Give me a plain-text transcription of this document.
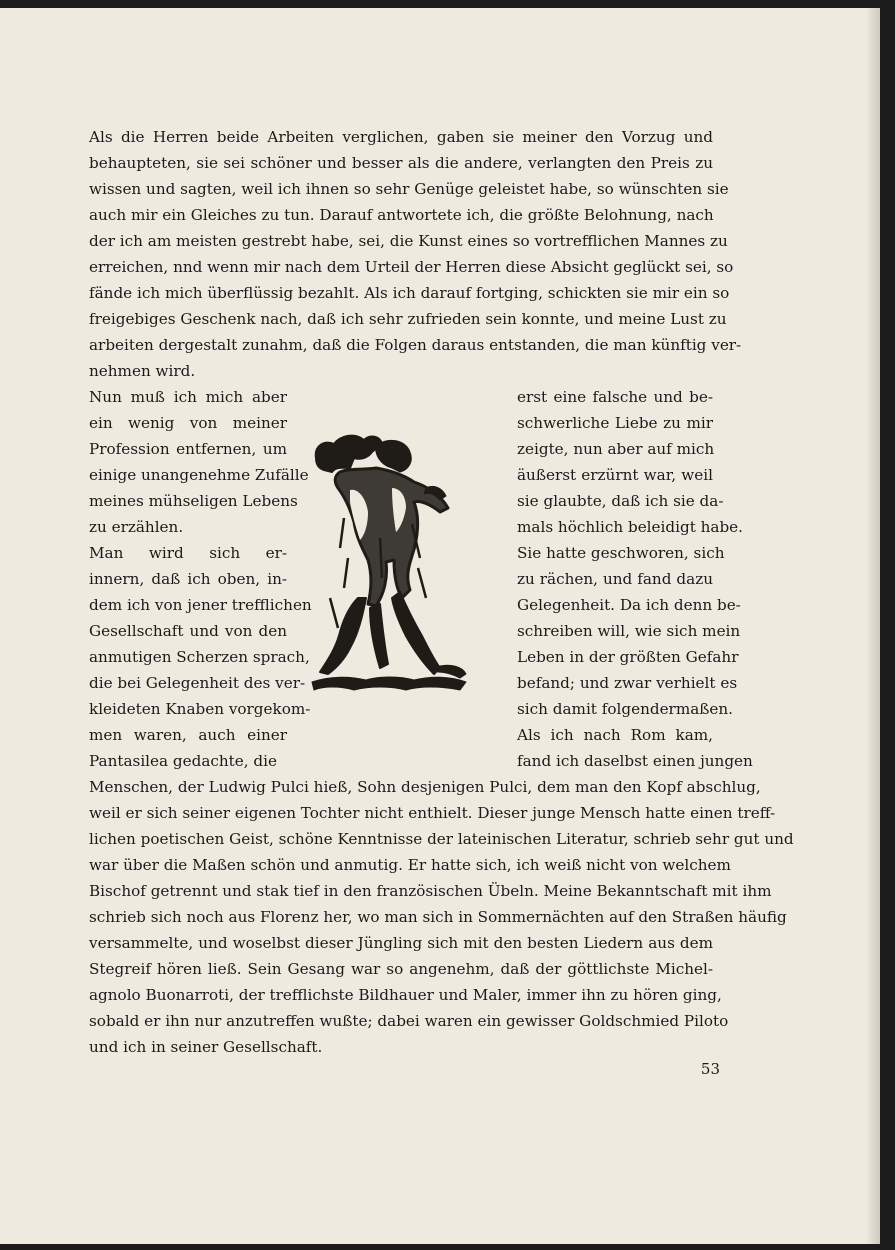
Als die Herren beide Arbeiten verglichen, gaben sie meiner den Vorzug und

behaupteten, sie sei schöner und besser als die andere, verlangten den Preis zu

wissen und sagten, weil ich ihnen so sehr Genüge geleistet habe, so wünschten sie

auch mir ein Gleiches zu tun. Darauf antwortete ich, die größte Belohnung, nach

der ich am meisten gestrebt habe, sei, die Kunst eines so vortrefflichen Mannes zu

erreichen, nnd wenn mir nach dem Urteil der Herren diese Absicht geglückt sei, so

fände ich mich überflüssig bezahlt. Als ich darauf fortging, schickten sie mir ein so

freigebiges Geschenk nach, daß ich sehr zufrieden sein konnte, und meine Lust zu

arbeiten dergestalt zunahm, daß die Folgen daraus entstanden, die man künftig ver-

nehmen wird.

Nun muß ich mich aber

ein wenig von meiner

Profession entfernen, um

einige unangenehme Zufälle

meines mühseligen Lebens

zu erzählen.

Man wird sich er-

innern, daß ich oben, in-

dem ich von jener trefflichen

Gesellschaft und von den

anmutigen Scherzen sprach,

die bei Gelegenheit des ver-

kleideten Knaben vorgekom-

men waren, auch einer

Pantasilea gedachte, die

erst eine falsche und be-

schwerliche Liebe zu mir

zeigte, nun aber auf mich

äußerst erzürnt war, weil

sie glaubte, daß ich sie da-

mals höchlich beleidigt habe.

Sie hatte geschworen, sich

zu rächen, und fand dazu

Gelegenheit. Da ich denn be-

schreiben will, wie sich mein

Leben in der größten Gefahr

befand; und zwar verhielt es

sich damit folgendermaßen.

Als ich nach Rom kam,

fand ich daselbst einen jungen

Menschen, der Ludwig Pulci hieß, Sohn desjenigen Pulci, dem man den Kopf abschlug,

weil er sich seiner eigenen Tochter nicht enthielt. Dieser junge Mensch hatte einen treff-

lichen poetischen Geist, schöne Kenntnisse der lateinischen Literatur, schrieb sehr gut und

war über die Maßen schön und anmutig. Er hatte sich, ich weiß nicht von welchem

Bischof getrennt und stak tief in den französischen Übeln. Meine Bekanntschaft mit ihm

schrieb sich noch aus Florenz her, wo man sich in Sommernächten auf den Straßen häufig

versammelte, und woselbst dieser Jüngling sich mit den besten Liedern aus dem

Stegreif hören ließ. Sein Gesang war so angenehm, daß der göttlichste Michel-

agnolo Buonarroti, der trefflichste Bildhauer und Maler, immer ihn zu hören ging,

sobald er ihn nur anzutreffen wußte; dabei waren ein gewisser Goldschmied Piloto

und ich in seiner Gesellschaft.

53
